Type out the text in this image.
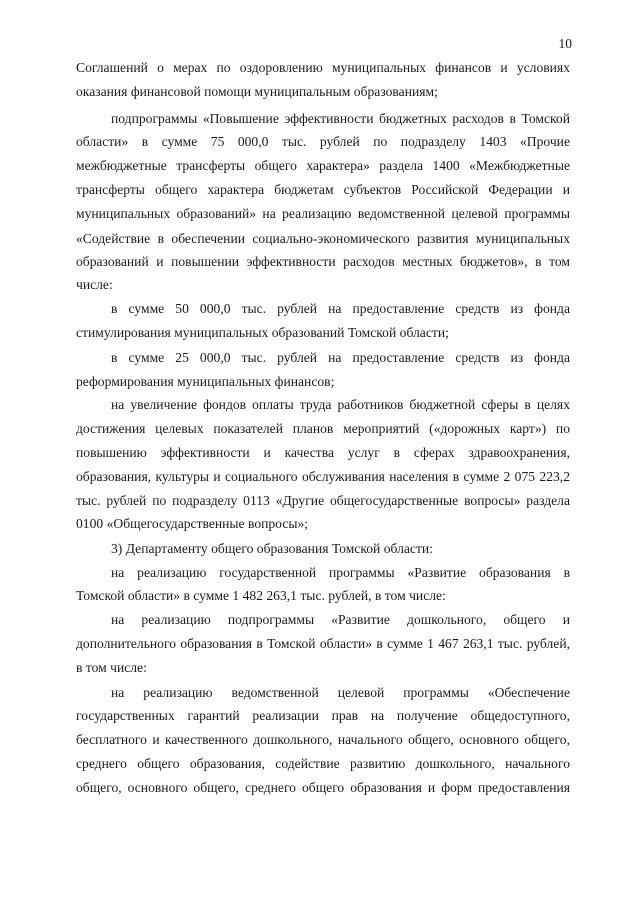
10
Соглашений о мерах по оздоровлению муниципальных финансов и условиях
оказания финансовой помощи муниципальным образованиям;
подпрограммы «Повышение эффективности бюджетных расходов в Томской
области» в сумме 75 000,0 тыс. рублей по подразделу 1403 «Прочие
межбюджетные трансферты общего характера» раздела 1400 «Межбюджетные
трансферты общего характера бюджетам субъектов Российской Федерации и
муниципальных образований» на реализацию ведомственной целевой программы
«Содействие в обеспечении социально-экономического развития муниципальных
образований и повышении эффективности расходов местных бюджетов», в том
числе:
в сумме 50 000,0 тыс. рублей на предоставление средств из фонда
стимулирования муниципальных образований Томской области;
в сумме 25 000,0 тыс. рублей на предоставление средств из фонда
реформирования муниципальных финансов;
на увеличение фондов оплаты труда работников бюджетной сферы в целях
достижения целевых показателей планов мероприятий («дорожных карт») по
повышению эффективности и качества услуг в сферах здравоохранения,
образования, культуры и социального обслуживания населения в сумме 2 075 223,2
тыс. рублей по подразделу 0113 «Другие общегосударственные вопросы» раздела
0100 «Общегосударственные вопросы»;
3) Департаменту общего образования Томской области:
на реализацию государственной программы «Развитие образования в
Томской области» в сумме 1 482 263,1 тыс. рублей, в том числе:
на реализацию подпрограммы «Развитие дошкольного, общего и
дополнительного образования в Томской области» в сумме 1 467 263,1 тыс. рублей,
в том числе:
на реализацию ведомственной целевой программы «Обеспечение
государственных гарантий реализации прав на получение общедоступного,
бесплатного и качественного дошкольного, начального общего, основного общего,
среднего общего образования, содействие развитию дошкольного, начального
общего, основного общего, среднего общего образования и форм предоставления
